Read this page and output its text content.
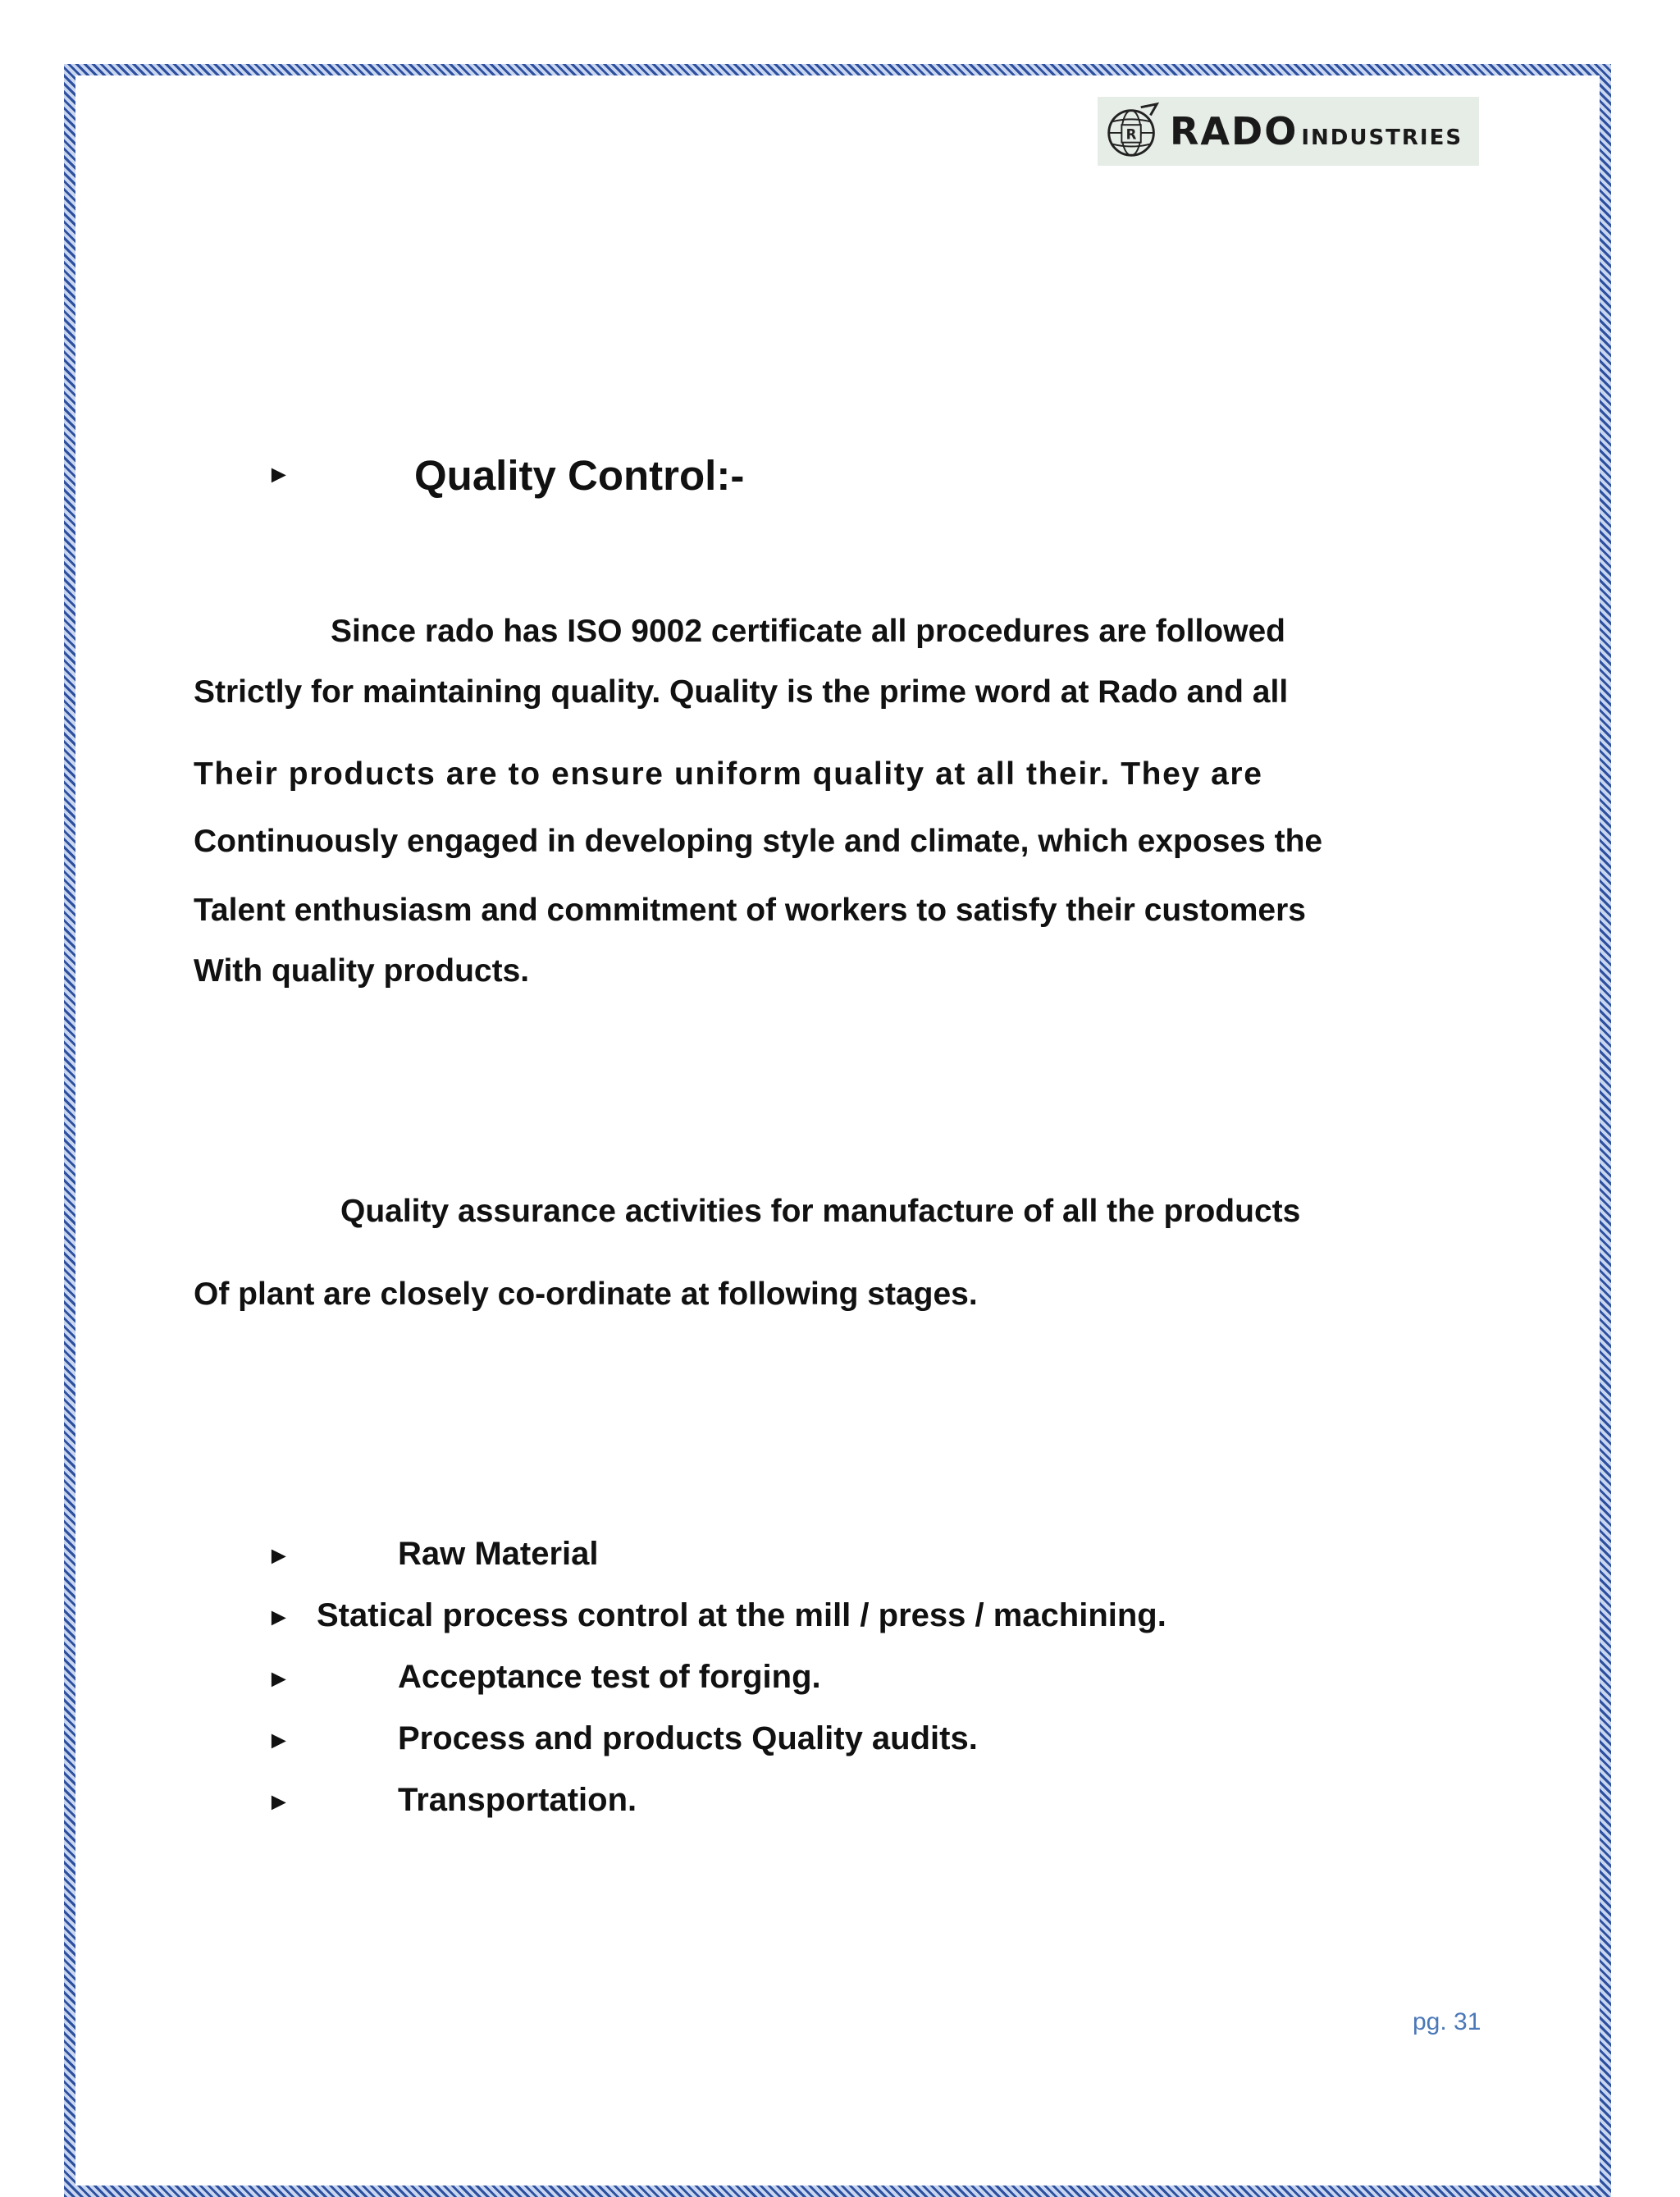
R RADO INDUSTRIES
►	Quality Control:-
Since rado has ISO 9002 certificate all procedures are followed
Strictly for maintaining quality. Quality is the prime word at Rado and all
Their products are to ensure uniform quality at all their. They are
Continuously engaged in developing style and climate, which exposes the
Talent enthusiasm and commitment of workers to satisfy their customers
With quality products.
Quality assurance activities for manufacture of all the products
Of plant are closely co-ordinate at following stages.
►	Raw Material
► Statical process control at the mill / press / machining.
►	Acceptance test of forging.
►	Process and products Quality audits.
►	Transportation.
pg. 31
